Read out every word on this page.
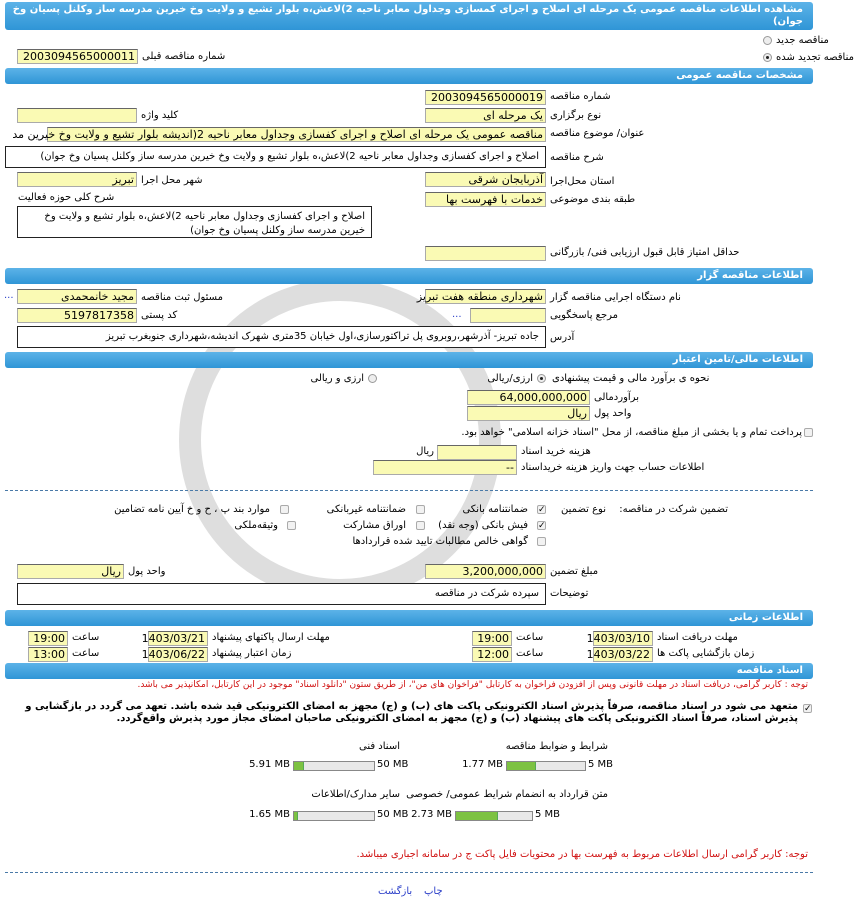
مشاهده اطلاعات مناقصه عمومی یک مرحله ای اصلاح و اجرای کمسازی وجداول معابر ناحیه 2)لاعش،ه بلوار تشیع و ولایت وخ خیرین مدرسه ساز وکلنل پسیان وخ جوان)
مناقصه جدید
مناقصه تجدید شده
شماره مناقصه قبلی
2003094565000011
مشخصات مناقصه عمومی
شماره مناقصه
2003094565000019
نوع برگزاری
یک مرحله ای
کلید واژه
عنوان/ موضوع مناقصه
مناقصه عمومی یک مرحله ای اصلاح و اجرای کفسازی وجداول معابر ناحیه 2(اندیشه بلوار تشیع و ولایت وخ خیرین مد
شرح مناقصه
اصلاح و اجرای کفسازی وجداول معابر ناحیه 2)لاعش،ه بلوار تشیع و ولایت وخ خیرین مدرسه ساز وکلنل پسیان وخ جوان)
استان محل‌اجرا
آذربایجان شرقی
شهر محل اجرا
تبریز
طبقه بندی موضوعی
خدمات با فهرست بها
شرح کلی حوزه فعالیت
اصلاح و اجرای کفسازی وجداول معابر ناحیه 2)لاعش،ه بلوار تشیع و ولایت وخ خیرین مدرسه ساز وکلنل پسیان وخ جوان)
حداقل امتیاز قابل قبول ارزیابی فنی/ بازرگانی
اطلاعات مناقصه گزار
نام دستگاه اجرایی مناقصه گزار
شهرداری منطقه هفت تبریز
مسئول ثبت مناقصه
مجید خانمحمدی
...
مرجع پاسخگویی
...
کد پستی
5197817358
آدرس
جاده تبریز- آذرشهر،روبروی پل تراکتورسازی،اول خیابان 35متری شهرک اندیشه،شهرداری جنوبغرب تبریز
اطلاعات مالی/تامین اعتبار
نحوه ی برآورد مالی و قیمت پیشنهادی
ارزی/ریالی
ارزی و ریالی
برآوردمالی
64,000,000,000
واحد پول
ریال
پرداخت تمام و یا بخشی از مبلغ مناقصه، از محل "اسناد خزانه اسلامی" خواهد بود.
هزینه خرید اسناد
ریال
اطلاعات حساب جهت واریز هزینه خریداسناد
--
تضمین شرکت در مناقصه:
نوع تضمین
✓
ضمانتنامه بانکی
ضمانتنامه غیربانکی
موارد بند پ ، ح و خ آیین نامه تضامین
✓
فیش بانکی (وجه نقد)
اوراق مشارکت
وثیقه‌ملکی
گواهی خالص مطالبات تایید شده قراردادها
مبلغ تضمین
3,200,000,000
واحد پول
ریال
توضیحات
سپرده شرکت در مناقصه
اطلاعات زمانی
مهلت دریافت اسناد
1403/03/10
ساعت
19:00
مهلت ارسال پاکتهای پیشنهاد
1403/03/21
ساعت
19:00
زمان بازگشایی پاکت ها
1403/03/22
ساعت
12:00
زمان اعتبار پیشنهاد
1403/06/22
ساعت
13:00
اسناد مناقصه
توجه : کاربر گرامی، دریافت اسناد در مهلت قانونی وپس از افزودن فراخوان به کارتابل "فراخوان های من"، از طریق ستون "دانلود اسناد" موجود در این کارتابل، امکانپذیر می باشد.
✓
متعهد می شود در اسناد مناقصه، صرفاً پذیرش اسناد الکترونیکی پاکت های (ب) و (ج) مجهز به امضای الکترونیکی قید شده باشد. تعهد می گردد در بازگشایی و پذیرش اسناد، صرفاً اسناد الکترونیکی پاکت های پیشنهاد (ب) و (ج) مجهز به امضای الکترونیکی صاحبان امضای مجاز مورد پذیرش واقع‌گردد.
شرایط و ضوابط مناقصه
اسناد فنی
متن قرارداد به انضمام شرایط عمومی/ خصوصی
سایر مدارک/اطلاعات
5 MB
1.77 MB
50 MB
5.91 MB
5 MB
2.73 MB
50 MB
1.65 MB
توجه: کاربر گرامی ارسال اطلاعات مربوط به فهرست بها در محتویات فایل پاکت ج در سامانه اجباری میباشد.
بازگشت چاپ
